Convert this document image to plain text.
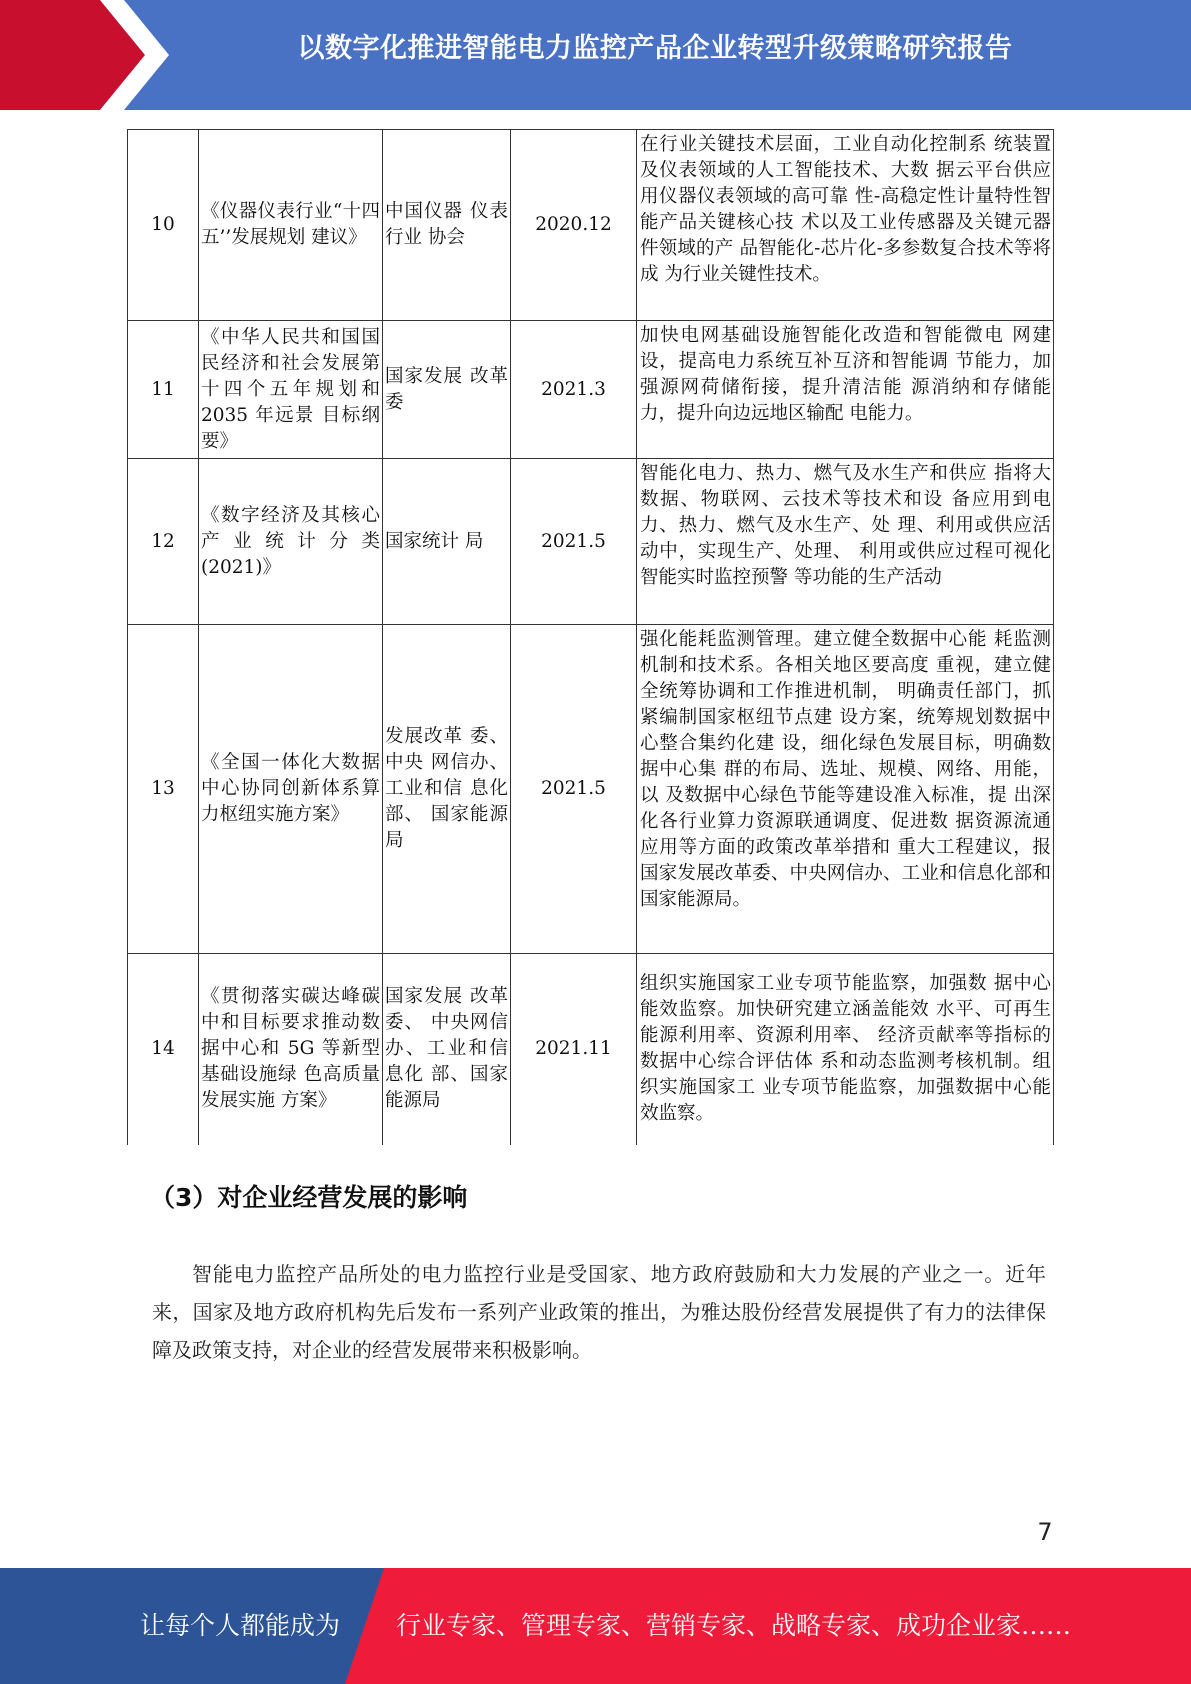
以数字化推进智能电力监控产品企业转型升级策略研究报告
10	《仪器仪表行业“十四五’’发展规划 建议》	中国仪器 仪表行业 协会	2020.12	在行业关键技术层面，工业自动化控制系 统装置及仪表领域的人工智能技术、大数 据云平台供应用仪器仪表领域的高可靠 性-高稳定性计量特性智能产品关键核心技 术以及工业传感器及关键元器件领域的产 品智能化-芯片化-多参数复合技术等将成 为行业关键性技术。
11	《中华人民共和国国民经济和社会发展第十四个五年规划和 2035 年远景 目标纲要》	国家发展 改革委	2021.3	加快电网基础设施智能化改造和智能微电 网建设，提高电力系统互补互济和智能调 节能力，加强源网荷储衔接，提升清洁能 源消纳和存储能力，提升向边远地区输配 电能力。
12	《数字经济及其核心产业统计分类(2021)》	国家统计 局	2021.5	智能化电力、热力、燃气及水生产和供应 指将大数据、物联网、云技术等技术和设 备应用到电力、热力、燃气及水生产、处 理、利用或供应活动中，实现生产、处理、 利用或供应过程可视化智能实时监控预警 等功能的生产活动
13	《全国一体化大数据中心协同创新体系算力枢纽实施方案》	发展改革 委、中央 网信办、工业和信 息化部、 国家能源 局	2021.5	强化能耗监测管理。建立健全数据中心能 耗监测机制和技术系。各相关地区要高度 重视，建立健全统筹协调和工作推进机制， 明确责任部门，抓紧编制国家枢纽节点建 设方案，统筹规划数据中心整合集约化建 设，细化绿色发展目标，明确数据中心集 群的布局、选址、规模、网络、用能，以 及数据中心绿色节能等建设准入标准，提 出深化各行业算力资源联通调度、促进数 据资源流通应用等方面的政策改革举措和 重大工程建议，报国家发展改革委、中央网信办、工业和信息化部和国家能源局。
14	《贯彻落实碳达峰碳中和目标要求推动数据中心和 5G 等新型基础设施绿 色高质量发展实施 方案》	国家发展 改革委、 中央网信 办、工业和信息化 部、国家 能源局	2021.11	组织实施国家工业专项节能监察，加强数 据中心能效监察。加快研究建立涵盖能效 水平、可再生能源利用率、资源利用率、 经济贡献率等指标的数据中心综合评估体 系和动态监测考核机制。组织实施国家工 业专项节能监察，加强数据中心能效监察。
（3）对企业经营发展的影响

智能电力监控产品所处的电力监控行业是受国家、地方政府鼓励和大力发展的产业之一。近年来，国家及地方政府机构先后发布一系列产业政策的推出，为雅达股份经营发展提供了有力的法律保障及政策支持，对企业的经营发展带来积极影响。

7
让每个人都能成为 行业专家、管理专家、营销专家、战略专家、成功企业家……
